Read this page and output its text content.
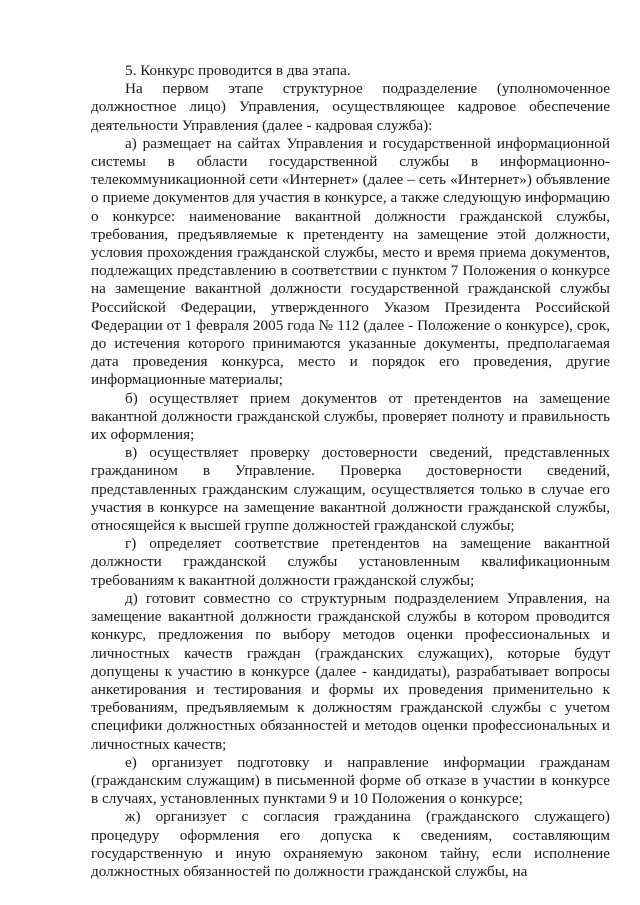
5. Конкурс проводится в два этапа.

На первом этапе структурное подразделение (уполномоченное должностное лицо) Управления, осуществляющее кадровое обеспечение деятельности Управления (далее - кадровая служба):

а) размещает на сайтах Управления и государственной информационной системы в области государственной службы в информационно-телекоммуникационной сети «Интернет» (далее – сеть «Интернет») объявление о приеме документов для участия в конкурсе, а также следующую информацию о конкурсе: наименование вакантной должности гражданской службы, требования, предъявляемые к претенденту на замещение этой должности, условия прохождения гражданской службы, место и время приема документов, подлежащих представлению в соответствии с пунктом 7 Положения о конкурсе на замещение вакантной должности государственной гражданской службы Российской Федерации, утвержденного Указом Президента Российской Федерации от 1 февраля 2005 года № 112 (далее - Положение о конкурсе), срок, до истечения которого принимаются указанные документы, предполагаемая дата проведения конкурса, место и порядок его проведения, другие информационные материалы;

б) осуществляет прием документов от претендентов на замещение вакантной должности гражданской службы, проверяет полноту и правильность их оформления;

в) осуществляет проверку достоверности сведений, представленных гражданином в Управление. Проверка достоверности сведений, представленных гражданским служащим, осуществляется только в случае его участия в конкурсе на замещение вакантной должности гражданской службы, относящейся к высшей группе должностей гражданской службы;

г) определяет соответствие претендентов на замещение вакантной должности гражданской службы установленным квалификационным требованиям к вакантной должности гражданской службы;

д) готовит совместно со структурным подразделением Управления, на замещение вакантной должности гражданской службы в котором проводится конкурс, предложения по выбору методов оценки профессиональных и личностных качеств граждан (гражданских служащих), которые будут допущены к участию в конкурсе (далее - кандидаты), разрабатывает вопросы анкетирования и тестирования и формы их проведения применительно к требованиям, предъявляемым к должностям гражданской службы с учетом специфики должностных обязанностей и методов оценки профессиональных и личностных качеств;

е) организует подготовку и направление информации гражданам (гражданским служащим) в письменной форме об отказе в участии в конкурсе в случаях, установленных пунктами 9 и 10 Положения о конкурсе;

ж) организует с согласия гражданина (гражданского служащего) процедуру оформления его допуска к сведениям, составляющим государственную и иную охраняемую законом тайну, если исполнение должностных обязанностей по должности гражданской службы, на
